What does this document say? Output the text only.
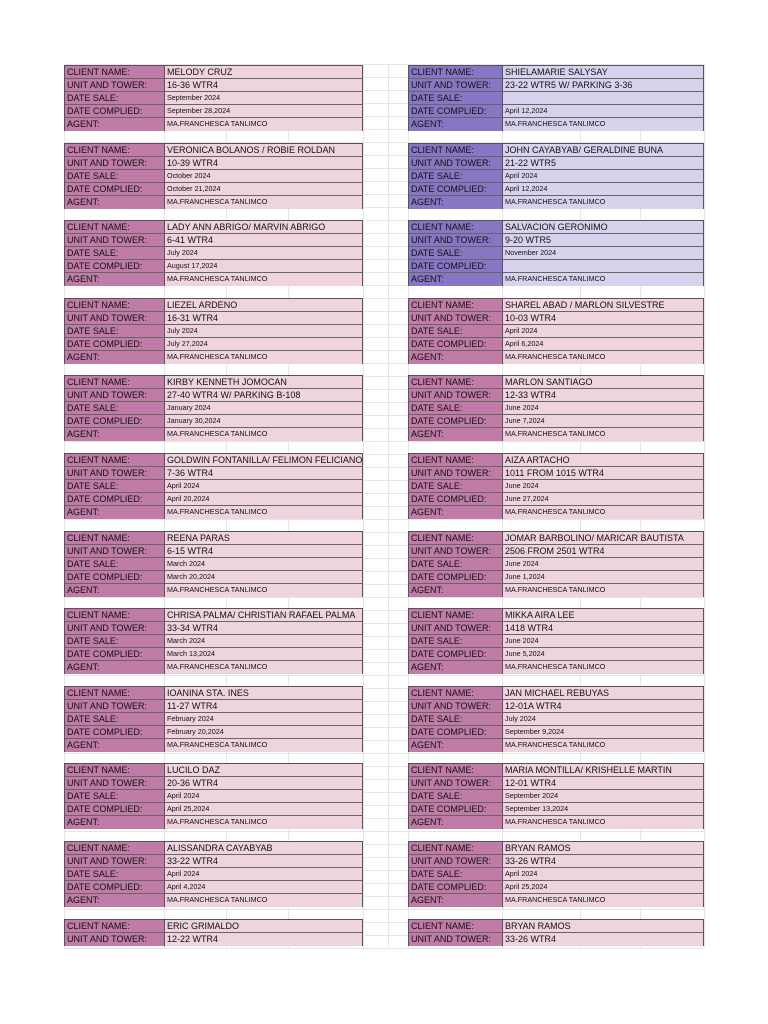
CLIENT NAME:	MELODY CRUZ
UNIT AND TOWER:	16-36 WTR4
DATE SALE:	September 2024
DATE COMPLIED:	September 28,2024
AGENT:	MA.FRANCHESCA TANLIMCO
CLIENT NAME:	VERONICA BOLANOS / ROBIE ROLDAN
UNIT AND TOWER:	10-39 WTR4
DATE SALE:	October 2024
DATE COMPLIED:	October 21,2024
AGENT:	MA.FRANCHESCA TANLIMCO
CLIENT NAME:	LADY ANN ABRIGO/ MARVIN ABRIGO
UNIT AND TOWER:	6-41 WTR4
DATE SALE:	July 2024
DATE COMPLIED:	August 17,2024
AGENT:	MA.FRANCHESCA TANLIMCO
CLIENT NAME:	LIEZEL ARDENO
UNIT AND TOWER:	16-31 WTR4
DATE SALE:	July 2024
DATE COMPLIED:	July 27,2024
AGENT:	MA.FRANCHESCA TANLIMCO
CLIENT NAME:	KIRBY KENNETH JOMOCAN
UNIT AND TOWER:	27-40 WTR4 W/ PARKING B-108
DATE SALE:	January 2024
DATE COMPLIED:	January 30,2024
AGENT:	MA.FRANCHESCA TANLIMCO
CLIENT NAME:	GOLDWIN FONTANILLA/ FELIMON FELICIANO
UNIT AND TOWER:	7-36 WTR4
DATE SALE:	April 2024
DATE COMPLIED:	April 20,2024
AGENT:	MA.FRANCHESCA TANLIMCO
CLIENT NAME:	REENA PARAS
UNIT AND TOWER:	6-15 WTR4
DATE SALE:	March 2024
DATE COMPLIED:	March 20,2024
AGENT:	MA.FRANCHESCA TANLIMCO
CLIENT NAME:	CHRISA PALMA/ CHRISTIAN RAFAEL PALMA
UNIT AND TOWER:	33-34 WTR4
DATE SALE:	March 2024
DATE COMPLIED:	March 13,2024
AGENT:	MA.FRANCHESCA TANLIMCO
CLIENT NAME:	IOANINA STA. INES
UNIT AND TOWER:	11-27 WTR4
DATE SALE:	February 2024
DATE COMPLIED:	February 20,2024
AGENT:	MA.FRANCHESCA TANLIMCO
CLIENT NAME:	LUCILO DAZ
UNIT AND TOWER:	20-36 WTR4
DATE SALE:	April 2024
DATE COMPLIED:	April 25,2024
AGENT:	MA.FRANCHESCA TANLIMCO
CLIENT NAME:	ALISSANDRA CAYABYAB
UNIT AND TOWER:	33-22 WTR4
DATE SALE:	April 2024
DATE COMPLIED:	April 4,2024
AGENT:	MA.FRANCHESCA TANLIMCO
CLIENT NAME:	ERIC GRIMALDO
UNIT AND TOWER:	12-22 WTR4
CLIENT NAME:	SHIELAMARIE SALYSAY
UNIT AND TOWER:	23-22 WTR5 W/ PARKING 3-36
DATE SALE:
DATE COMPLIED:	April 12,2024
AGENT:	MA.FRANCHESCA TANLIMCO
CLIENT NAME:	JOHN CAYABYAB/ GERALDINE BUNA
UNIT AND TOWER:	21-22 WTR5
DATE SALE:	April 2024
DATE COMPLIED:	April 12,2024
AGENT:	MA.FRANCHESCA TANLIMCO
CLIENT NAME:	SALVACION GERONIMO
UNIT AND TOWER:	9-20 WTR5
DATE SALE:	November 2024
DATE COMPLIED:
AGENT:	MA.FRANCHESCA TANLIMCO
CLIENT NAME:	SHAREL ABAD / MARLON SILVESTRE
UNIT AND TOWER:	10-03 WTR4
DATE SALE:	April 2024
DATE COMPLIED:	April 6,2024
AGENT:	MA.FRANCHESCA TANLIMCO
CLIENT NAME:	MARLON SANTIAGO
UNIT AND TOWER:	12-33 WTR4
DATE SALE:	June 2024
DATE COMPLIED:	June 7,2024
AGENT:	MA.FRANCHESCA TANLIMCO
CLIENT NAME:	AIZA ARTACHO
UNIT AND TOWER:	1011 FROM 1015 WTR4
DATE SALE:	June 2024
DATE COMPLIED:	June 27,2024
AGENT:	MA.FRANCHESCA TANLIMCO
CLIENT NAME:	JOMAR BARBOLINO/ MARICAR BAUTISTA
UNIT AND TOWER:	2506 FROM 2501 WTR4
DATE SALE:	June 2024
DATE COMPLIED:	June 1,2024
AGENT:	MA.FRANCHESCA TANLIMCO
CLIENT NAME:	MIKKA AIRA LEE
UNIT AND TOWER:	1418 WTR4
DATE SALE:	June 2024
DATE COMPLIED:	June 5,2024
AGENT:	MA.FRANCHESCA TANLIMCO
CLIENT NAME:	JAN MICHAEL REBUYAS
UNIT AND TOWER:	12-01A WTR4
DATE SALE:	July 2024
DATE COMPLIED:	September 9,2024
AGENT:	MA.FRANCHESCA TANLIMCO
CLIENT NAME:	MARIA MONTILLA/ KRISHELLE MARTIN
UNIT AND TOWER:	12-01 WTR4
DATE SALE:	September 2024
DATE COMPLIED:	September 13,2024
AGENT:	MA.FRANCHESCA TANLIMCO
CLIENT NAME:	BRYAN RAMOS
UNIT AND TOWER:	33-26 WTR4
DATE SALE:	April 2024
DATE COMPLIED:	April 25,2024
AGENT:	MA.FRANCHESCA TANLIMCO
CLIENT NAME:	BRYAN RAMOS
UNIT AND TOWER:	33-26 WTR4
